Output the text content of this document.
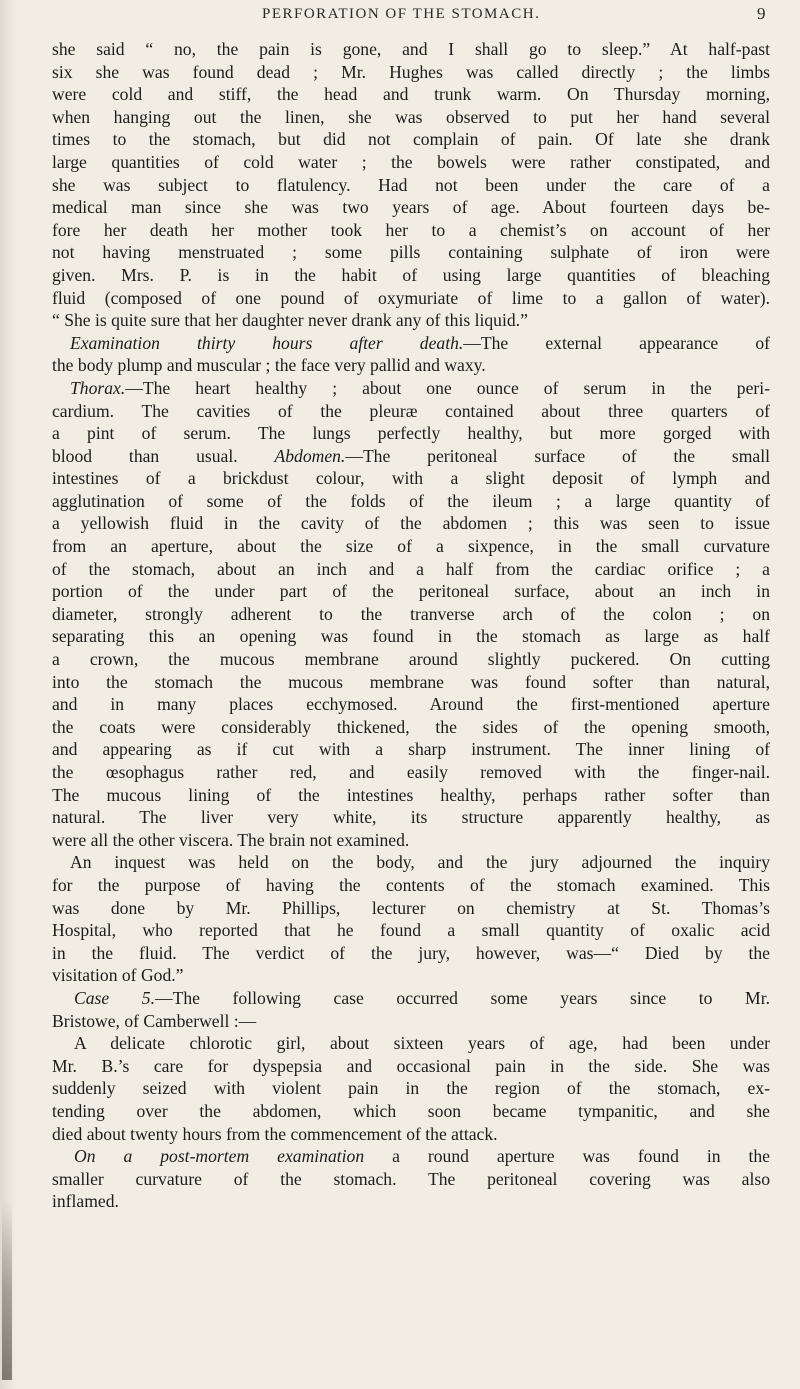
PERFORATION OF THE STOMACH.	9
she said “ no, the pain is gone, and I shall go to sleep.” At half-past
six she was found dead ; Mr. Hughes was called directly ; the limbs
were cold and stiff, the head and trunk warm. On Thursday morning,
when hanging out the linen, she was observed to put her hand several
times to the stomach, but did not complain of pain. Of late she drank
large quantities of cold water ; the bowels were rather constipated, and
she was subject to flatulency. Had not been under the care of a
medical man since she was two years of age. About fourteen days be-
fore her death her mother took her to a chemist’s on account of her
not having menstruated ; some pills containing sulphate of iron were
given. Mrs. P. is in the habit of using large quantities of bleaching
fluid (composed of one pound of oxymuriate of lime to a gallon of water).
“ She is quite sure that her daughter never drank any of this liquid.”
Examination thirty hours after death.—The external appearance of
the body plump and muscular ; the face very pallid and waxy.
Thorax.—The heart healthy ; about one ounce of serum in the peri-
cardium. The cavities of the pleuræ contained about three quarters of
a pint of serum. The lungs perfectly healthy, but more gorged with
blood than usual. Abdomen.—The peritoneal surface of the small
intestines of a brickdust colour, with a slight deposit of lymph and
agglutination of some of the folds of the ileum ; a large quantity of
a yellowish fluid in the cavity of the abdomen ; this was seen to issue
from an aperture, about the size of a sixpence, in the small curvature
of the stomach, about an inch and a half from the cardiac orifice ; a
portion of the under part of the peritoneal surface, about an inch in
diameter, strongly adherent to the tranverse arch of the colon ; on
separating this an opening was found in the stomach as large as half
a crown, the mucous membrane around slightly puckered. On cutting
into the stomach the mucous membrane was found softer than natural,
and in many places ecchymosed. Around the first-mentioned aperture
the coats were considerably thickened, the sides of the opening smooth,
and appearing as if cut with a sharp instrument. The inner lining of
the œsophagus rather red, and easily removed with the finger-nail.
The mucous lining of the intestines healthy, perhaps rather softer than
natural. The liver very white, its structure apparently healthy, as
were all the other viscera. The brain not examined.
An inquest was held on the body, and the jury adjourned the inquiry
for the purpose of having the contents of the stomach examined. This
was done by Mr. Phillips, lecturer on chemistry at St. Thomas’s
Hospital, who reported that he found a small quantity of oxalic acid
in the fluid. The verdict of the jury, however, was—“ Died by the
visitation of God.”
Case 5.—The following case occurred some years since to Mr.
Bristowe, of Camberwell :—
A delicate chlorotic girl, about sixteen years of age, had been under
Mr. B.’s care for dyspepsia and occasional pain in the side. She was
suddenly seized with violent pain in the region of the stomach, ex-
tending over the abdomen, which soon became tympanitic, and she
died about twenty hours from the commencement of the attack.
On a post-mortem examination a round aperture was found in the
smaller curvature of the stomach. The peritoneal covering was also
inflamed.
